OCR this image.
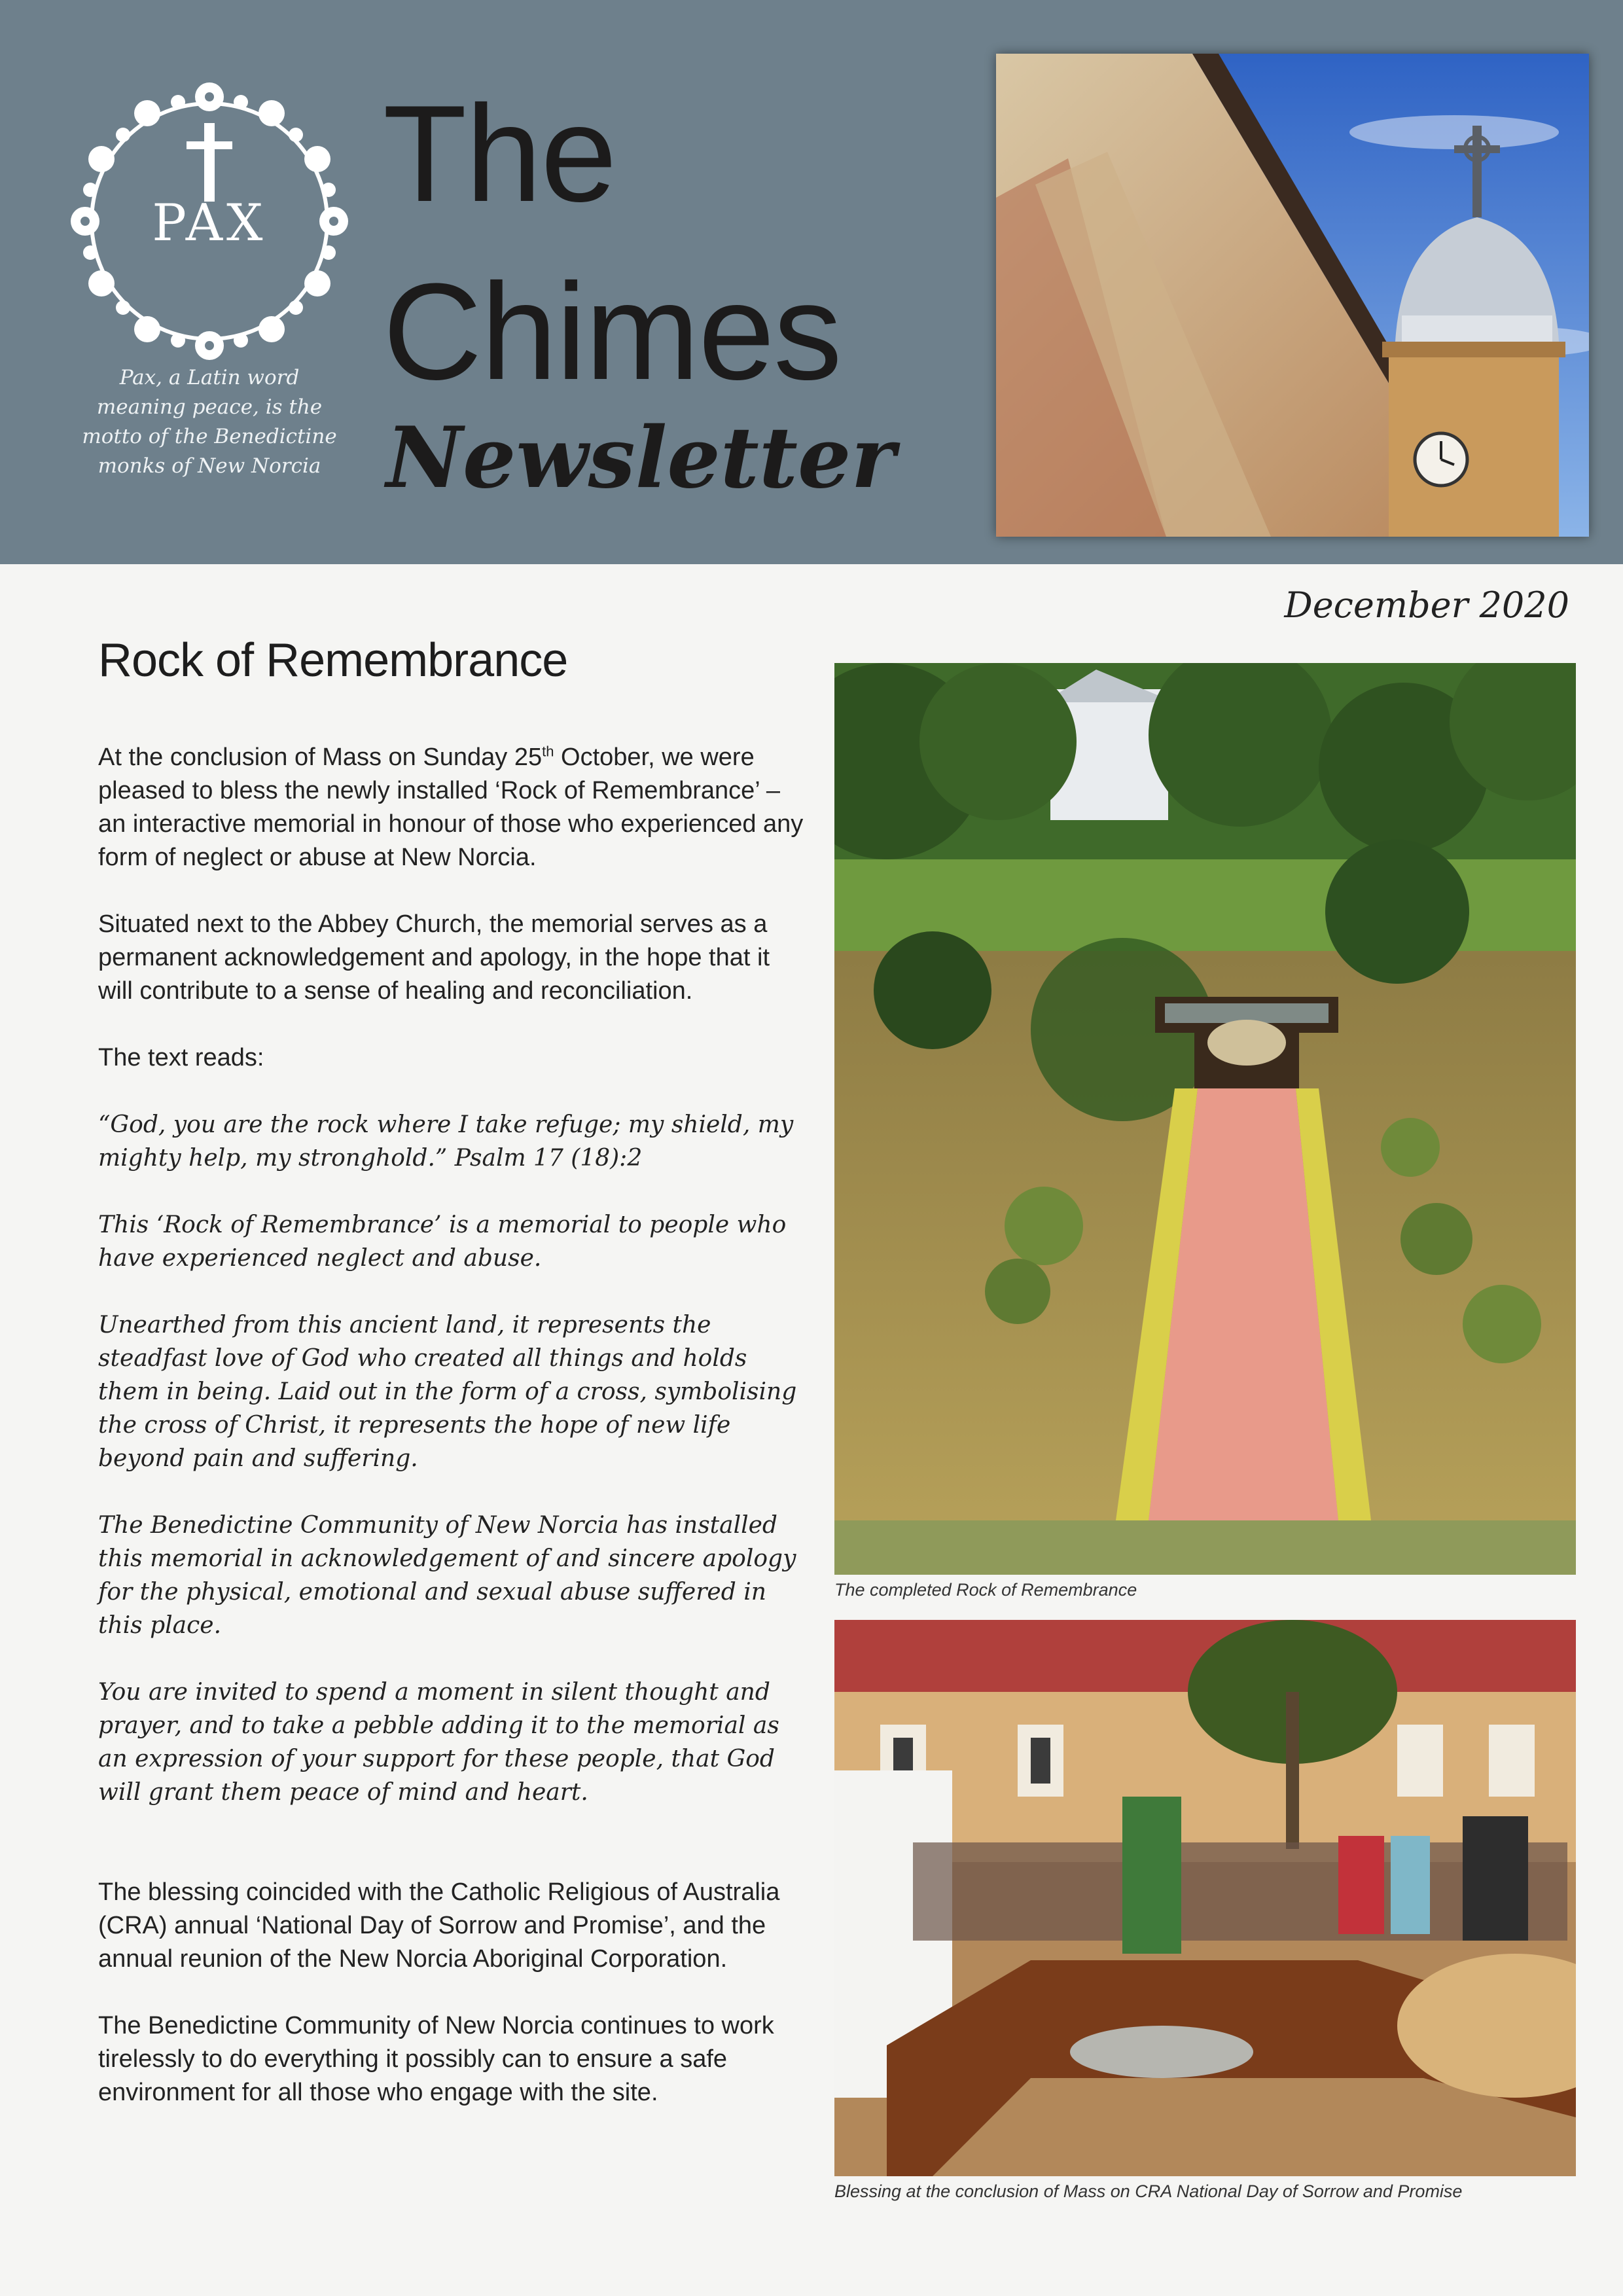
PAX
Pax, a Latin word meaning peace, is the motto of the Benedictine monks of New Norcia
The
Chimes
Newsletter
December 2020
Rock of Remembrance

At the conclusion of Mass on Sunday 25th October, we were pleased to bless the newly installed ‘Rock of Remembrance’ – an interactive memorial in honour of those who experienced any form of neglect or abuse at New Norcia.

Situated next to the Abbey Church, the memorial serves as a permanent acknowledgement and apology, in the hope that it will contribute to a sense of healing and reconciliation.

The text reads:

“God, you are the rock where I take refuge; my shield, my mighty help, my stronghold.” Psalm 17 (18):2

This ‘Rock of Remembrance’ is a memorial to people who have experienced neglect and abuse.

Unearthed from this ancient land, it represents the steadfast love of God who created all things and holds them in being. Laid out in the form of a cross, symbolising the cross of Christ, it represents the hope of new life beyond pain and suffering.

The Benedictine Community of New Norcia has installed this memorial in acknowledgement of and sincere apology for the physical, emotional and sexual abuse suffered in this place.

You are invited to spend a moment in silent thought and prayer, and to take a pebble adding it to the memorial as an expression of your support for these people, that God will grant them peace of mind and heart.

The blessing coincided with the Catholic Religious of Australia (CRA) annual ‘National Day of Sorrow and Promise’, and the annual reunion of the New Norcia Aboriginal Corporation.

The Benedictine Community of New Norcia continues to work tirelessly to do everything it possibly can to ensure a safe environment for all those who engage with the site.

The completed Rock of Remembrance
Blessing at the conclusion of Mass on CRA National Day of Sorrow and Promise
